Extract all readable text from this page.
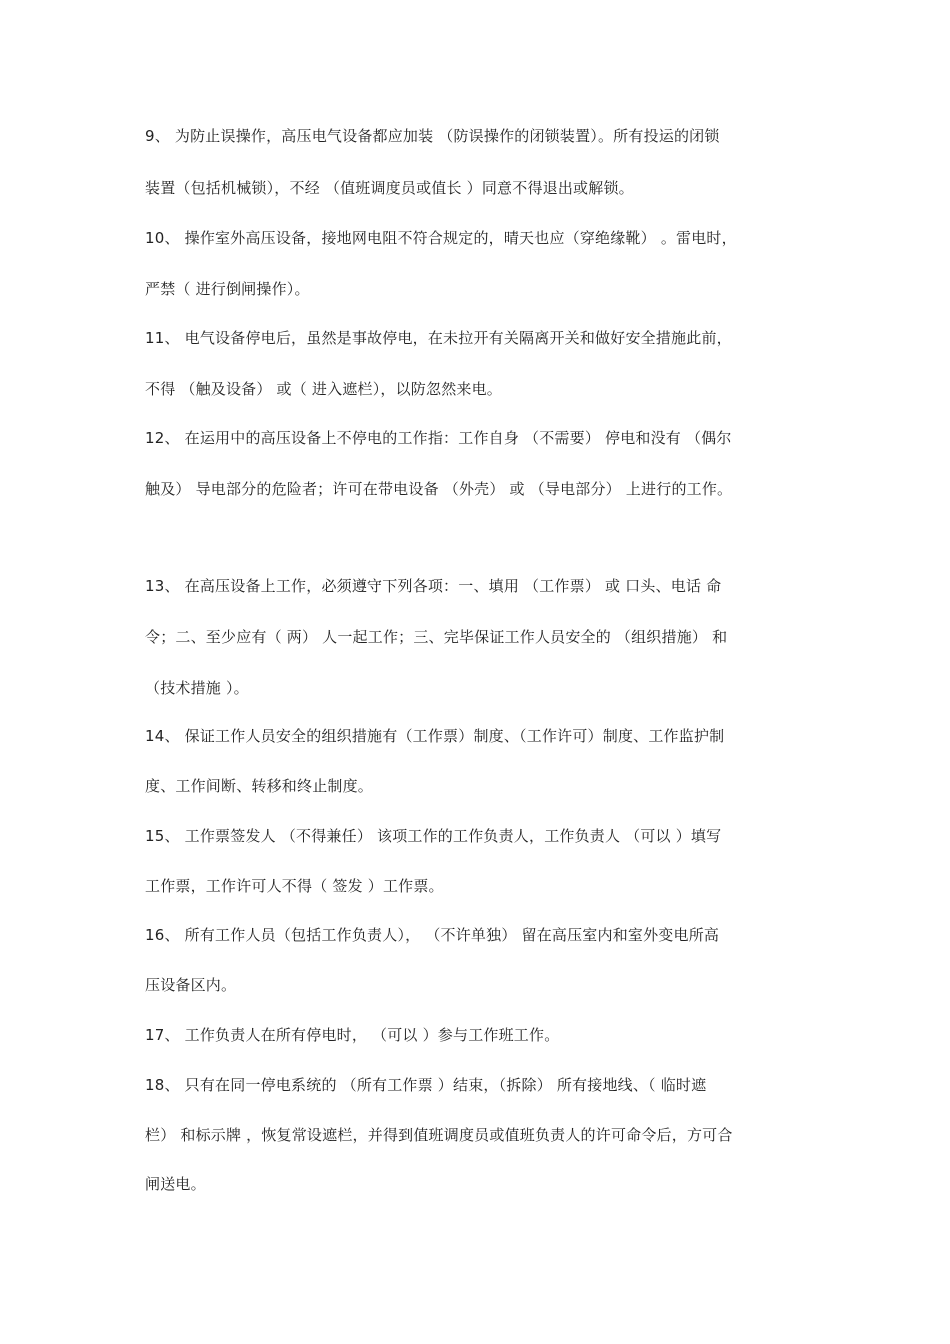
9、 为防止误操作，高压电气设备都应加装 （防误操作的闭锁装置）。所有投运的闭锁
装置（包括机械锁），不经 （值班调度员或值长 ）同意不得退出或解锁。
10、 操作室外高压设备，接地网电阻不符合规定的，晴天也应（穿绝缘靴） 。雷电时，
严禁（ 进行倒闸操作）。
11、 电气设备停电后，虽然是事故停电，在未拉开有关隔离开关和做好安全措施此前，
不得 （触及设备） 或（ 进入遮栏），以防忽然来电。
12、 在运用中的高压设备上不停电的工作指：工作自身 （不需要） 停电和没有 （偶尔
触及） 导电部分的危险者；许可在带电设备 （外壳） 或 （导电部分） 上进行的工作。
13、 在高压设备上工作，必须遵守下列各项：一、填用 （工作票） 或 口头、电话 命
令；二、至少应有（ 两） 人一起工作；三、完毕保证工作人员安全的 （组织措施） 和
（技术措施 ）。
14、 保证工作人员安全的组织措施有（工作票）制度、（工作许可）制度、工作监护制
度、工作间断、转移和终止制度。
15、 工作票签发人 （不得兼任） 该项工作的工作负责人，工作负责人 （可以 ）填写
工作票，工作许可人不得（ 签发 ）工作票。
16、 所有工作人员（包括工作负责人）， （不许单独） 留在高压室内和室外变电所高
压设备区内。
17、 工作负责人在所有停电时， （可以 ）参与工作班工作。
18、 只有在同一停电系统的 （所有工作票 ）结束，（拆除） 所有接地线、（ 临时遮
栏） 和标示牌 ，恢复常设遮栏，并得到值班调度员或值班负责人的许可命令后，方可合
闸送电。
